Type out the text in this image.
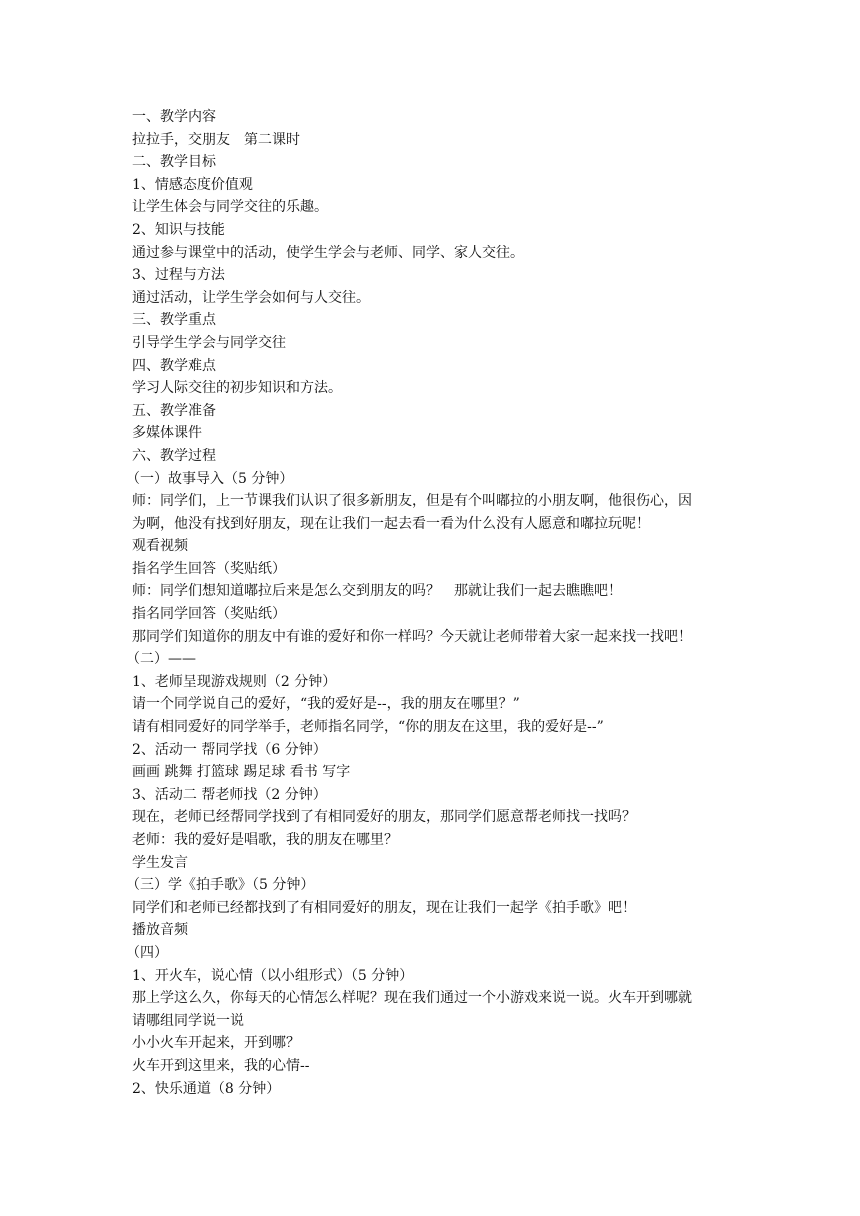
一、教学内容
拉拉手，交朋友　第二课时
二、教学目标
1、情感态度价值观
让学生体会与同学交往的乐趣。
2、知识与技能
通过参与课堂中的活动，使学生学会与老师、同学、家人交往。
3、过程与方法
通过活动，让学生学会如何与人交往。
三、教学重点
引导学生学会与同学交往
四、教学难点
学习人际交往的初步知识和方法。
五、教学准备
多媒体课件
六、教学过程
（一）故事导入（5 分钟）
师：同学们，上一节课我们认识了很多新朋友，但是有个叫嘟拉的小朋友啊，他很伤心，因
为啊，他没有找到好朋友，现在让我们一起去看一看为什么没有人愿意和嘟拉玩呢！
观看视频
指名学生回答（奖贴纸）
师：同学们想知道嘟拉后来是怎么交到朋友的吗？　那就让我们一起去瞧瞧吧！
指名同学回答（奖贴纸）
那同学们知道你的朋友中有谁的爱好和你一样吗？今天就让老师带着大家一起来找一找吧！
（二）——
1、老师呈现游戏规则（2 分钟）
请一个同学说自己的爱好，“我的爱好是--，我的朋友在哪里？”
请有相同爱好的同学举手，老师指名同学，“你的朋友在这里，我的爱好是--”
2、活动一 帮同学找（6 分钟）
画画 跳舞 打篮球 踢足球 看书 写字
3、活动二 帮老师找（2 分钟）
现在，老师已经帮同学找到了有相同爱好的朋友，那同学们愿意帮老师找一找吗？
老师：我的爱好是唱歌，我的朋友在哪里？
学生发言
（三）学《拍手歌》（5 分钟）
同学们和老师已经都找到了有相同爱好的朋友，现在让我们一起学《拍手歌》吧！
播放音频
（四）
1、开火车，说心情（以小组形式）（5 分钟）
那上学这么久，你每天的心情怎么样呢？现在我们通过一个小游戏来说一说。火车开到哪就
请哪组同学说一说
小小火车开起来，开到哪？
火车开到这里来，我的心情--
2、快乐通道（8 分钟）
